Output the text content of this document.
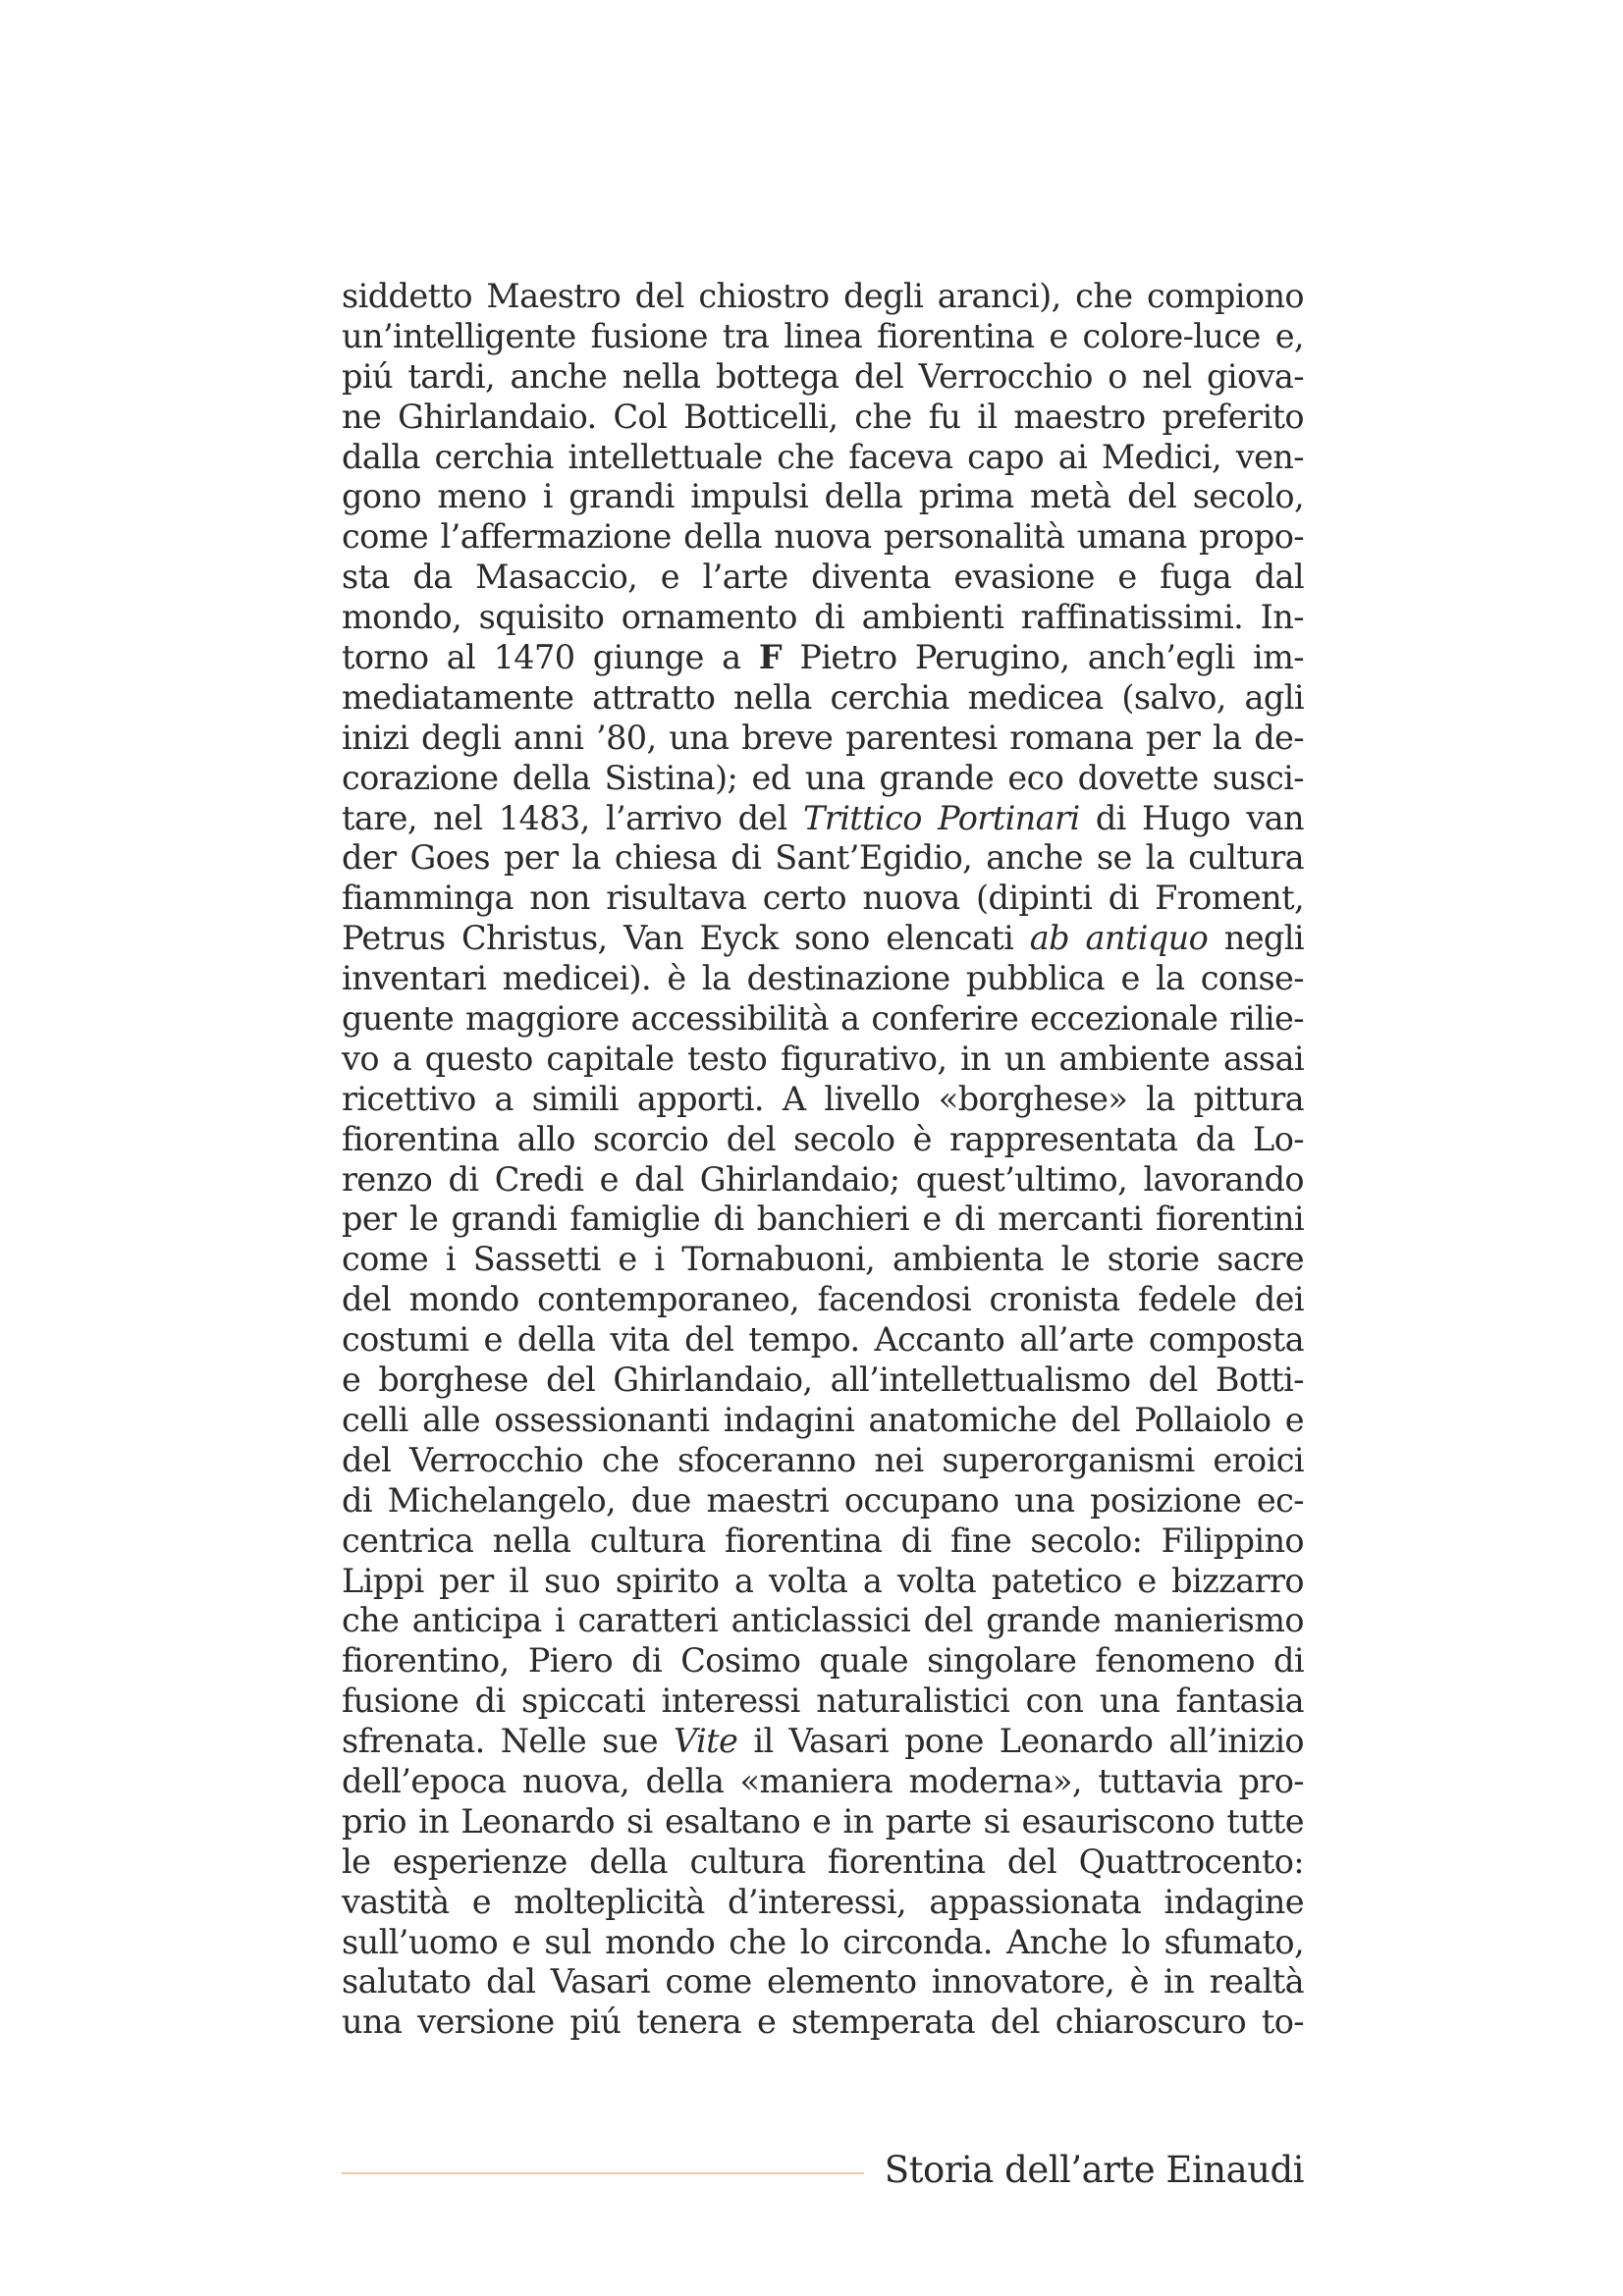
siddetto Maestro del chiostro degli aranci), che compiono
un’intelligente fusione tra linea fiorentina e colore-luce e,
piú tardi, anche nella bottega del Verrocchio o nel giova-
ne Ghirlandaio. Col Botticelli, che fu il maestro preferito
dalla cerchia intellettuale che faceva capo ai Medici, ven-
gono meno i grandi impulsi della prima metà del secolo,
come l’affermazione della nuova personalità umana propo-
sta da Masaccio, e l’arte diventa evasione e fuga dal
mondo, squisito ornamento di ambienti raffinatissimi. In-
torno al 1470 giunge a F Pietro Perugino, anch’egli im-
mediatamente attratto nella cerchia medicea (salvo, agli
inizi degli anni ’80, una breve parentesi romana per la de-
corazione della Sistina); ed una grande eco dovette susci-
tare, nel 1483, l’arrivo del Trittico Portinari di Hugo van
der Goes per la chiesa di Sant’Egidio, anche se la cultura
fiamminga non risultava certo nuova (dipinti di Froment,
Petrus Christus, Van Eyck sono elencati ab antiquo negli
inventari medicei). è la destinazione pubblica e la conse-
guente maggiore accessibilità a conferire eccezionale rilie-
vo a questo capitale testo figurativo, in un ambiente assai
ricettivo a simili apporti. A livello «borghese» la pittura
fiorentina allo scorcio del secolo è rappresentata da Lo-
renzo di Credi e dal Ghirlandaio; quest’ultimo, lavorando
per le grandi famiglie di banchieri e di mercanti fiorentini
come i Sassetti e i Tornabuoni, ambienta le storie sacre
del mondo contemporaneo, facendosi cronista fedele dei
costumi e della vita del tempo. Accanto all’arte composta
e borghese del Ghirlandaio, all’intellettualismo del Botti-
celli alle ossessionanti indagini anatomiche del Pollaiolo e
del Verrocchio che sfoceranno nei superorganismi eroici
di Michelangelo, due maestri occupano una posizione ec-
centrica nella cultura fiorentina di fine secolo: Filippino
Lippi per il suo spirito a volta a volta patetico e bizzarro
che anticipa i caratteri anticlassici del grande manierismo
fiorentino, Piero di Cosimo quale singolare fenomeno di
fusione di spiccati interessi naturalistici con una fantasia
sfrenata. Nelle sue Vite il Vasari pone Leonardo all’inizio
dell’epoca nuova, della «maniera moderna», tuttavia pro-
prio in Leonardo si esaltano e in parte si esauriscono tutte
le esperienze della cultura fiorentina del Quattrocento:
vastità e molteplicità d’interessi, appassionata indagine
sull’uomo e sul mondo che lo circonda. Anche lo sfumato,
salutato dal Vasari come elemento innovatore, è in realtà
una versione piú tenera e stemperata del chiaroscuro to-
Storia dell’arte Einaudi
